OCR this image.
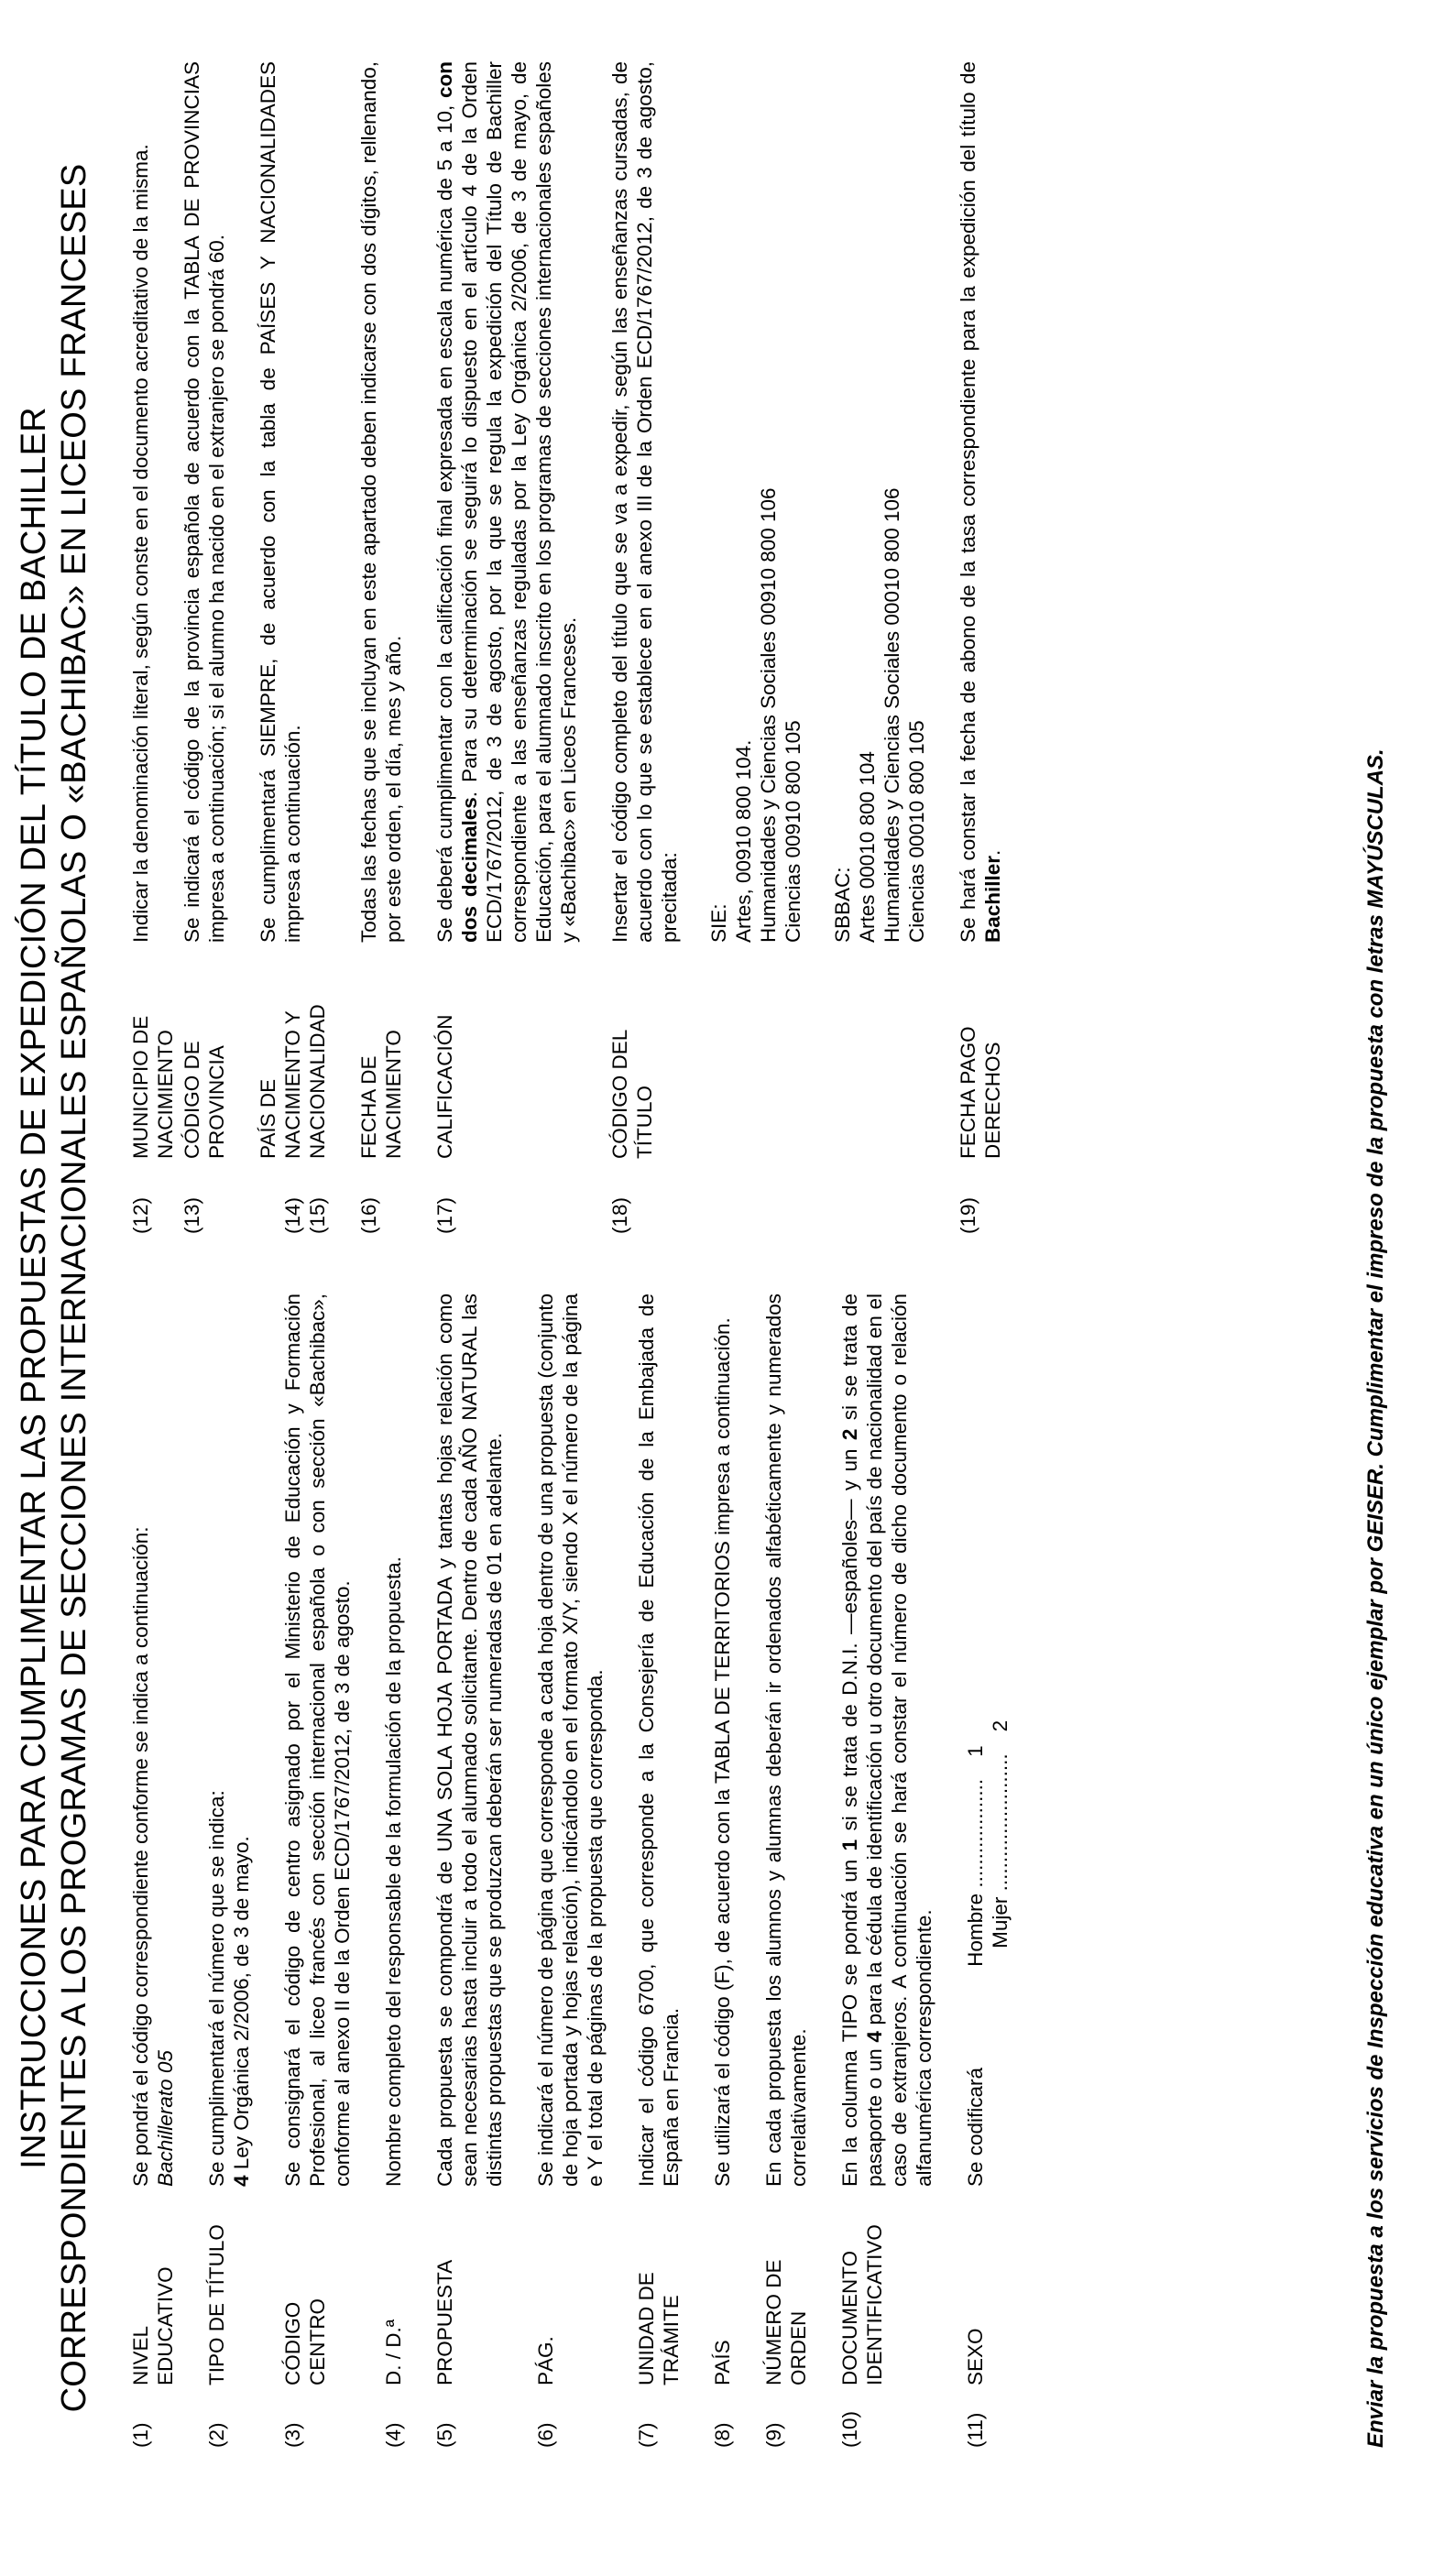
INSTRUCCIONES PARA CUMPLIMENTAR LAS PROPUESTAS DE EXPEDICIÓN DEL TÍTULO DE BACHILLER CORRESPONDIENTES A LOS PROGRAMAS DE SECCIONES INTERNACIONALES ESPAÑOLAS O «BACHIBAC» EN LICEOS FRANCESES
(1)
NIVEL EDUCATIVO

Se pondrá el código correspondiente conforme se indica a continuación: Bachillerato 05

(2)
TIPO DE TÍTULO

Se cumplimentará el número que se indica: 4 Ley Orgánica 2/2006, de 3 de mayo.

(3)
CÓDIGO CENTRO
Se consignará el código de centro asignado por el Ministerio de Educación y Formación Profesional, al liceo francés con sección internacional española o con sección «Bachibac», conforme al anexo II de la Orden ECD/1767/2012, de 3 de agosto.
(4)
D. / D.ª
Nombre completo del responsable de la formulación de la propuesta.
(5)
PROPUESTA
Cada propuesta se compondrá de UNA SOLA HOJA PORTADA y tantas hojas relación como sean necesarias hasta incluir a todo el alumnado solicitante. Dentro de cada AÑO NATURAL las distintas propuestas que se produzcan deberán ser numeradas de 01 en adelante.
(6)
PÁG.
Se indicará el número de página que corresponde a cada hoja dentro de una propuesta (conjunto de hoja portada y hojas relación), indicándolo en el formato X/Y, siendo X el número de la página e Y el total de páginas de la propuesta que corresponda.
(7)
UNIDAD DE TRÁMITE
Indicar el código 6700, que corresponde a la Consejería de Educación de la Embajada de España en Francia.
(8)
PAÍS
Se utilizará el código (F), de acuerdo con la TABLA DE TERRITORIOS impresa a continuación.
(9)
NÚMERO DE ORDEN
En cada propuesta los alumnos y alumnas deberán ir ordenados alfabéticamente y numerados correlativamente.
(10)
DOCUMENTO IDENTIFICATIVO
En la columna TIPO se pondrá un 1 si se trata de D.N.I. —españoles— y un 2 si se trata de pasaporte o un 4 para la cédula de identificación u otro documento del país de nacionalidad en el caso de extranjeros. A continuación se hará constar el número de dicho documento o relación alfanumérica correspondiente.
(11)
SEXO
Se codificará
Hombre

...................
1
Mujer

........................
2
(12)
MUNICIPIO DE NACIMIENTO
Indicar la denominación literal, según conste en el documento acreditativo de la misma.
(13)
CÓDIGO DE PROVINCIA
Se indicará el código de la provincia española de acuerdo con la TABLA DE PROVINCIAS impresa a continuación; si el alumno ha nacido en el extranjero se pondrá 60.
(14)
(15)
PAÍS DE NACIMIENTO Y NACIONALIDAD
Se cumplimentará SIEMPRE, de acuerdo con la tabla de PAÍSES Y NACIONALIDADES impresa a continuación.
(16)
FECHA DE NACIMIENTO
Todas las fechas que se incluyan en este apartado deben indicarse con dos dígitos, rellenando, por este orden, el día, mes y año.
(17)
CALIFICACIÓN
Se deberá cumplimentar con la calificación final expresada en escala numérica de 5 a 10, con dos decimales. Para su determinación se seguirá lo dispuesto en el artículo 4 de la Orden ECD/1767/2012, de 3 de agosto, por la que se regula la expedición del Título de Bachiller correspondiente a las enseñanzas reguladas por la Ley Orgánica 2/2006, de 3 de mayo, de Educación, para el alumnado inscrito en los programas de secciones internacionales españoles y «Bachibac» en Liceos Franceses.
(18)
CÓDIGO DEL TÍTULO

Insertar el código completo del título que se va a expedir, según las enseñanzas cursadas, de acuerdo con lo que se establece en el anexo III de la Orden ECD/1767/2012, de 3 de agosto, precitada: SIE: Artes, 00910 800 104. Humanidades y Ciencias Sociales 00910 800 106 Ciencias 00910 800 105 SBBAC: Artes 00010 800 104 Humanidades y Ciencias Sociales 00010 800 106 Ciencias 00010 800 105

(19)
FECHA PAGO DERECHOS
Se hará constar la fecha de abono de la tasa correspondiente para la expedición del título de Bachiller.	Enviar la propuesta a los servicios de Inspección educativa en un único ejemplar por GEISER. Cumplimentar el impreso de la propuesta con letras MAYÚSCULAS.
